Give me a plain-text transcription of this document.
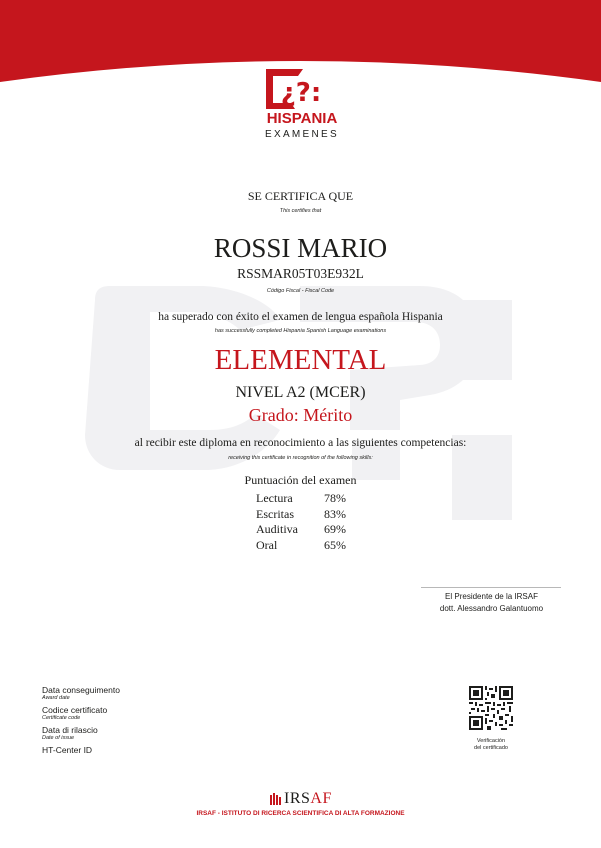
¿?:
HISPANIA
EXAMENES
SE CERTIFICA QUE
This certifies that
ROSSI MARIO
RSSMAR05T03E932L
Código Fiscal - Fiscal Code
ha superado con éxito el examen de lengua española Hispania
has successfully completed Hispania Spanish Language examinations
ELEMENTAL
NIVEL A2 (MCER)
Grado: Mérito
al recibir este diploma en reconocimiento a las siguientes competencias:
receiving this certificate in recognition of the following skills:
Puntuación del examen
Lectura	78%
Escritas	83%
Auditiva	69%
Oral	65%
El Presidente de la IRSAF
dott. Alessandro Galantuomo
Data conseguimento
Award date
Codice certificato
Certificate code
Data di rilascio
Date of issue
HT-Center ID
Verificación
del certificado
IRS AF
IRSAF - ISTITUTO DI RICERCA SCIENTIFICA DI ALTA FORMAZIONE
